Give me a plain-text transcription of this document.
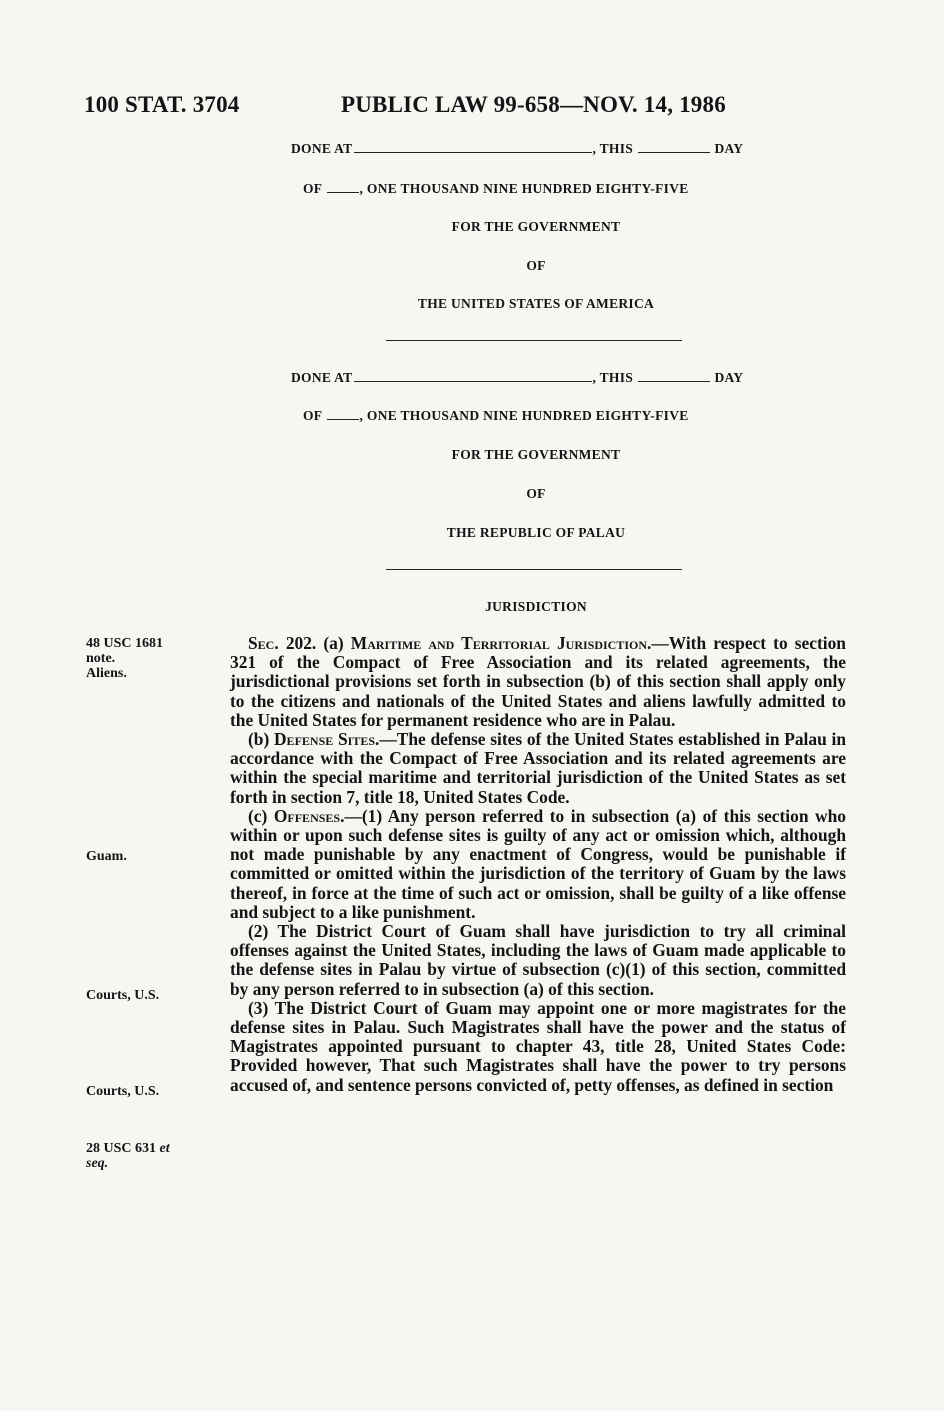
100 STAT. 3704	PUBLIC LAW 99-658—NOV. 14, 1986
DONE AT	, THIS	DAY
OF	, ONE THOUSAND NINE HUNDRED EIGHTY-FIVE
FOR THE GOVERNMENT
OF
THE UNITED STATES OF AMERICA
DONE AT	, THIS	DAY
OF	, ONE THOUSAND NINE HUNDRED EIGHTY-FIVE
FOR THE GOVERNMENT
OF
THE REPUBLIC OF PALAU
JURISDICTION
48 USC 1681
note.
Aliens.
Guam.
Courts, U.S.
Courts, U.S.
28 USC 631 et
seq.

Sec. 202. (a) Maritime and Territorial Jurisdiction.—With respect to section 321 of the Compact of Free Association and its related agreements, the jurisdictional provisions set forth in subsection (b) of this section shall apply only to the citizens and nationals of the United States and aliens lawfully admitted to the United States for permanent residence who are in Palau.

(b) Defense Sites.—The defense sites of the United States established in Palau in accordance with the Compact of Free Association and its related agreements are within the special maritime and territorial jurisdiction of the United States as set forth in section 7, title 18, United States Code.

(c) Offenses.—(1) Any person referred to in subsection (a) of this section who within or upon such defense sites is guilty of any act or omission which, although not made punishable by any enactment of Congress, would be punishable if committed or omitted within the jurisdiction of the territory of Guam by the laws thereof, in force at the time of such act or omission, shall be guilty of a like offense and subject to a like punishment.

(2) The District Court of Guam shall have jurisdiction to try all criminal offenses against the United States, including the laws of Guam made applicable to the defense sites in Palau by virtue of subsection (c)(1) of this section, committed by any person referred to in subsection (a) of this section.

(3) The District Court of Guam may appoint one or more magistrates for the defense sites in Palau. Such Magistrates shall have the power and the status of Magistrates appointed pursuant to chapter 43, title 28, United States Code: Provided however, That such Magistrates shall have the power to try persons accused of, and sentence persons convicted of, petty offenses, as defined in section
